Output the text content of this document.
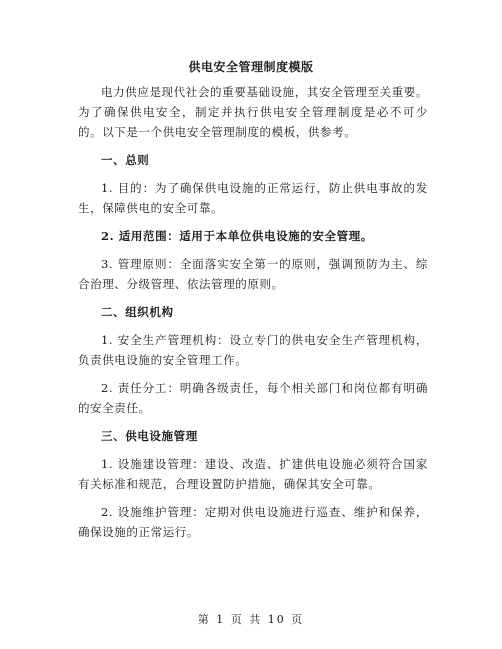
供电安全管理制度模版

电力供应是现代社会的重要基础设施，其安全管理至关重要。为了确保供电安全，制定并执行供电安全管理制度是必不可少的。以下是一个供电安全管理制度的模板，供参考。

一、总则

1. 目的：为了确保供电设施的正常运行，防止供电事故的发生，保障供电的安全可靠。

2. 适用范围：适用于本单位供电设施的安全管理。

3. 管理原则：全面落实安全第一的原则，强调预防为主、综合治理、分级管理、依法管理的原则。

二、组织机构

1. 安全生产管理机构：设立专门的供电安全生产管理机构，负责供电设施的安全管理工作。

2. 责任分工：明确各级责任，每个相关部门和岗位都有明确的安全责任。

三、供电设施管理

1. 设施建设管理：建设、改造、扩建供电设施必须符合国家有关标准和规范，合理设置防护措施，确保其安全可靠。

2. 设施维护管理：定期对供电设施进行巡查、维护和保养，确保设施的正常运行。

第 1 页 共 10 页
